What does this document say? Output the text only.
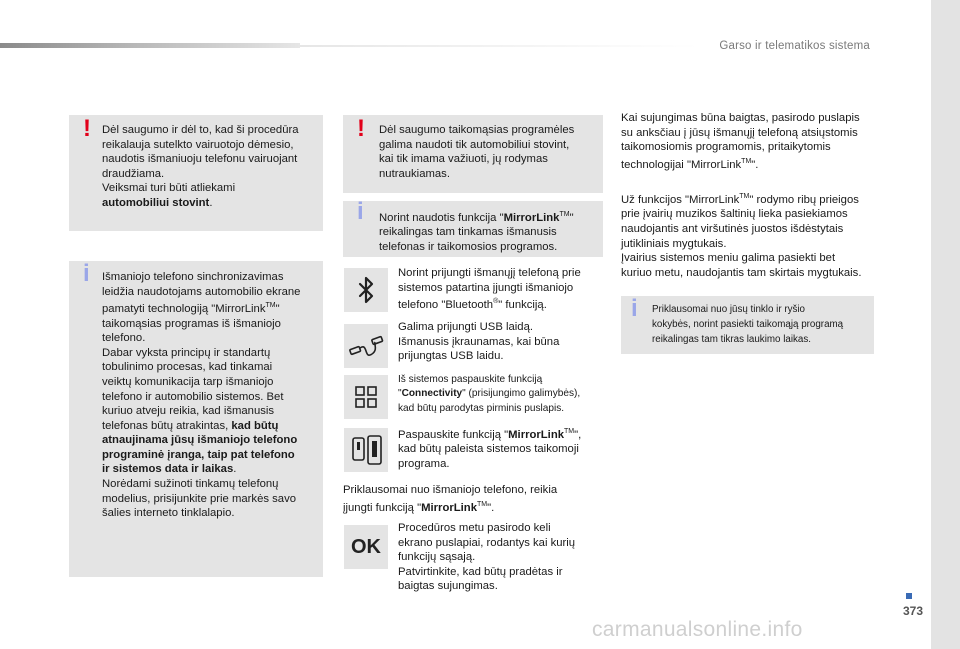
Garso ir telematikos sistema
! Dėl saugumo ir dėl to, kad ši procedūra

reikalauja sutelkto vairuotojo dėmesio,

naudotis išmaniuoju telefonu vairuojant

draudžiama.

Veiksmai turi būti atliekami

automobiliui stovint.

i Išmaniojo telefono sinchronizavimas

leidžia naudotojams automobilio ekrane

pamatyti technologiją "MirrorLink™"

taikomąsias programas iš išmaniojo

telefono.

Dabar vyksta principų ir standartų

tobulinimo procesas, kad tinkamai

veiktų komunikacija tarp išmaniojo

telefono ir automobilio sistemos. Bet

kuriuo atveju reikia, kad išmanusis

telefonas būtų atrakintas, kad būtų

atnaujinama jūsų išmaniojo telefono

programinė įranga, taip pat telefono

ir sistemos data ir laikas.

Norėdami sužinoti tinkamų telefonų

modelius, prisijunkite prie markės savo

šalies interneto tinklalapio.

! Dėl saugumo taikomąsias programėles

galima naudoti tik automobiliui stovint,

kai tik imama važiuoti, jų rodymas

nutraukiamas.

i Norint naudotis funkcija "MirrorLink™"

reikalingas tam tinkamas išmanusis

telefonas ir taikomosios programos.

Norint prijungti išmanųjį telefoną prie

sistemos patartina įjungti išmaniojo

telefono "Bluetooth®" funkciją.

Galima prijungti USB laidą.

Išmanusis įkraunamas, kai būna

prijungtas USB laidu.

Iš sistemos paspauskite funkciją

"Connectivity" (prisijungimo galimybės),

kad būtų parodytas pirminis puslapis.

Paspauskite funkciją "MirrorLink™",

kad būtų paleista sistemos taikomoji

programa.

Priklausomai nuo išmaniojo telefono, reikia

įjungti funkciją "MirrorLink™".

OK

Procedūros metu pasirodo keli

ekrano puslapiai, rodantys kai kurių

funkcijų sąsają.

Patvirtinkite, kad būtų pradėtas ir

baigtas sujungimas.

Kai sujungimas būna baigtas, pasirodo puslapis

su anksčiau į jūsų išmanųjį telefoną atsiųstomis

taikomosiomis programomis, pritaikytomis

technologijai "MirrorLink™".

Už funkcijos "MirrorLink™" rodymo ribų prieigos

prie įvairių muzikos šaltinių lieka pasiekiamos

naudojantis ant viršutinės juostos išdėstytais

jutikliniais mygtukais.

Įvairius sistemos meniu galima pasiekti bet

kuriuo metu, naudojantis tam skirtais mygtukais.

i Priklausomai nuo jūsų tinklo ir ryšio

kokybės, norint pasiekti taikomąją programą

reikalingas tam tikras laukimo laikas.

373
carmanualsonline.info
